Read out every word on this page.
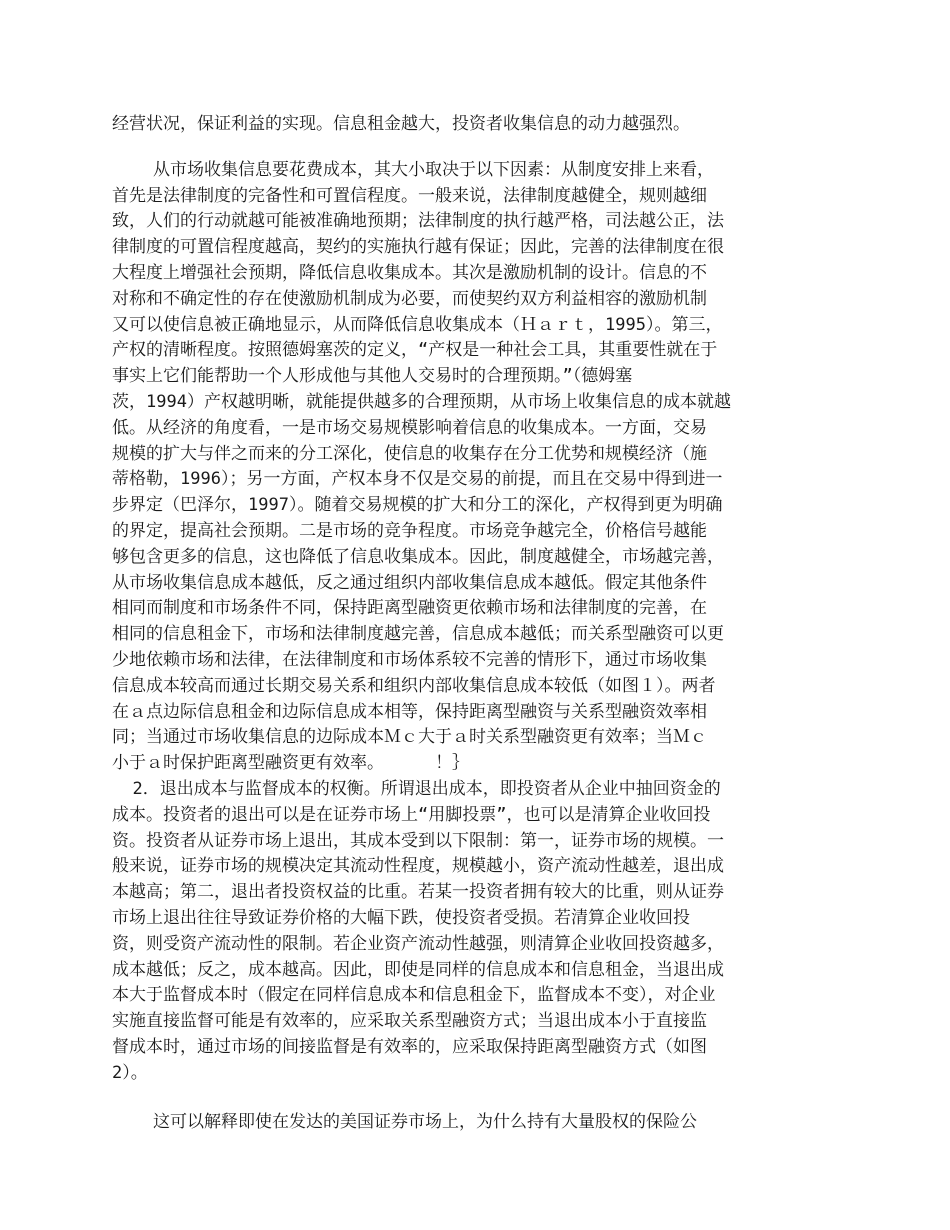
经营状况，保证利益的实现。信息租金越大，投资者收集信息的动力越强烈。
从市场收集信息要花费成本，其大小取决于以下因素：从制度安排上来看，
首先是法律制度的完备性和可置信程度。一般来说，法律制度越健全，规则越细
致，人们的行动就越可能被准确地预期；法律制度的执行越严格，司法越公正，法
律制度的可置信程度越高，契约的实施执行越有保证；因此，完善的法律制度在很
大程度上增强社会预期，降低信息收集成本。其次是激励机制的设计。信息的不
对称和不确定性的存在使激励机制成为必要，而使契约双方利益相容的激励机制
又可以使信息被正确地显示，从而降低信息收集成本（Ｈａｒｔ，1995）。第三，
产权的清晰程度。按照德姆塞茨的定义，“产权是一种社会工具，其重要性就在于
事实上它们能帮助一个人形成他与其他人交易时的合理预期。”（德姆塞
茨，1994）产权越明晰，就能提供越多的合理预期，从市场上收集信息的成本就越
低。从经济的角度看，一是市场交易规模影响着信息的收集成本。一方面，交易
规模的扩大与伴之而来的分工深化，使信息的收集存在分工优势和规模经济（施
蒂格勒，1996）；另一方面，产权本身不仅是交易的前提，而且在交易中得到进一
步界定（巴泽尔，1997）。随着交易规模的扩大和分工的深化，产权得到更为明确
的界定，提高社会预期。二是市场的竞争程度。市场竞争越完全，价格信号越能
够包含更多的信息，这也降低了信息收集成本。因此，制度越健全，市场越完善，
从市场收集信息成本越低，反之通过组织内部收集信息成本越低。假定其他条件
相同而制度和市场条件不同，保持距离型融资更依赖市场和法律制度的完善，在
相同的信息租金下，市场和法律制度越完善，信息成本越低；而关系型融资可以更
少地依赖市场和法律，在法律制度和市场体系较不完善的情形下，通过市场收集
信息成本较高而通过长期交易关系和组织内部收集信息成本较低（如图１）。两者
在ａ点边际信息租金和边际信息成本相等，保持距离型融资与关系型融资效率相
同；当通过市场收集信息的边际成本Ｍｃ大于ａ时关系型融资更有效率；当Ｍｃ
小于ａ时保护距离型融资更有效率。     ！｝
2．退出成本与监督成本的权衡。所谓退出成本，即投资者从企业中抽回资金的
成本。投资者的退出可以是在证券市场上“用脚投票”，也可以是清算企业收回投
资。投资者从证券市场上退出，其成本受到以下限制：第一，证券市场的规模。一
般来说，证券市场的规模决定其流动性程度，规模越小，资产流动性越差，退出成
本越高；第二，退出者投资权益的比重。若某一投资者拥有较大的比重，则从证券
市场上退出往往导致证券价格的大幅下跌，使投资者受损。若清算企业收回投
资，则受资产流动性的限制。若企业资产流动性越强，则清算企业收回投资越多，
成本越低；反之，成本越高。因此，即使是同样的信息成本和信息租金，当退出成
本大于监督成本时（假定在同样信息成本和信息租金下，监督成本不变），对企业
实施直接监督可能是有效率的，应采取关系型融资方式；当退出成本小于直接监
督成本时，通过市场的间接监督是有效率的，应采取保持距离型融资方式（如图
2）。
这可以解释即使在发达的美国证券市场上，为什么持有大量股权的保险公
